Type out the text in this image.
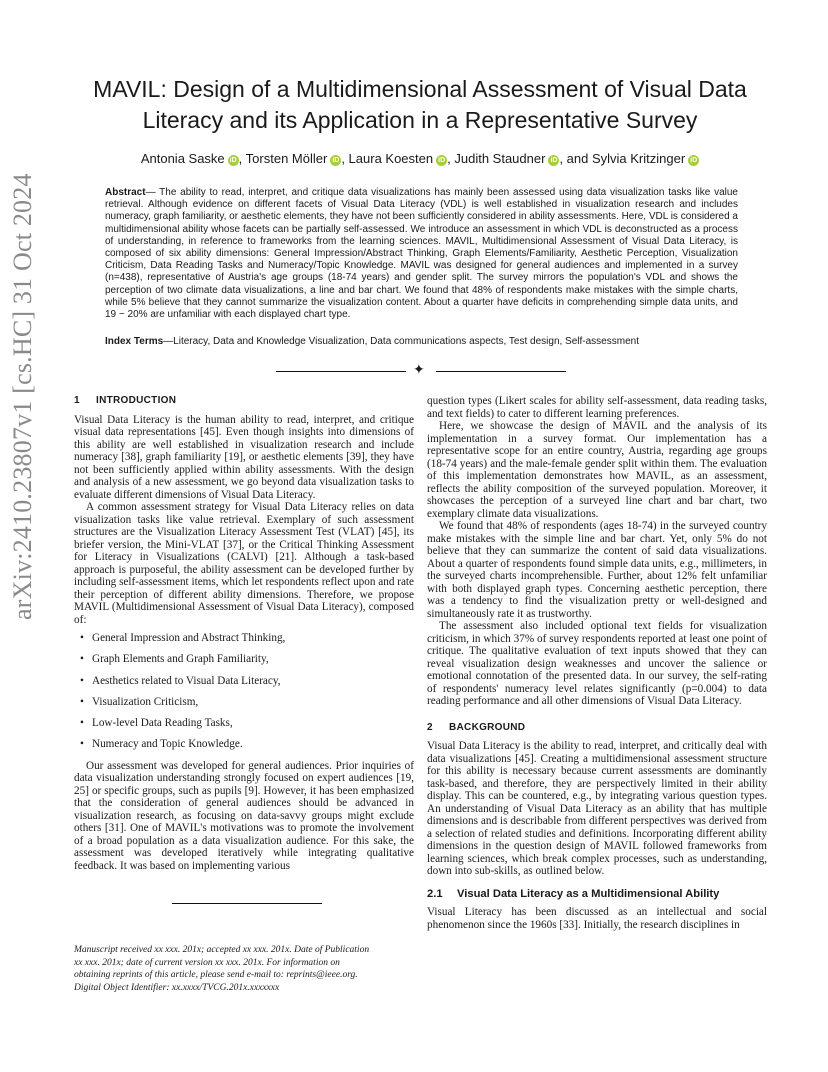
arXiv:2410.23807v1 [cs.HC] 31 Oct 2024
MAVIL: Design of a Multidimensional Assessment of Visual Data
Literacy and its Application in a Representative Survey
Antonia Saske iD , Torsten Möller iD , Laura Koesten iD , Judith Staudner iD , and Sylvia Kritzinger iD
Abstract— The ability to read, interpret, and critique data visualizations has mainly been assessed using data visualization tasks like value retrieval. Although evidence on different facets of Visual Data Literacy (VDL) is well established in visualization research and includes numeracy, graph familiarity, or aesthetic elements, they have not been sufficiently considered in ability assessments. Here, VDL is considered a multidimensional ability whose facets can be partially self-assessed. We introduce an assessment in which VDL is deconstructed as a process of understanding, in reference to frameworks from the learning sciences. MAVIL, Multidimensional Assessment of Visual Data Literacy, is composed of six ability dimensions: General Impression/Abstract Thinking, Graph Elements/Familiarity, Aesthetic Perception, Visualization Criticism, Data Reading Tasks and Numeracy/Topic Knowledge. MAVIL was designed for general audiences and implemented in a survey (n=438), representative of Austria's age groups (18-74 years) and gender split. The survey mirrors the population's VDL and shows the perception of two climate data visualizations, a line and bar chart. We found that 48% of respondents make mistakes with the simple charts, while 5% believe that they cannot summarize the visualization content. About a quarter have deficits in comprehending simple data units, and 19 − 20% are unfamiliar with each displayed chart type.
Index Terms—Literacy, Data and Knowledge Visualization, Data communications aspects, Test design, Self-assessment
✦
1 INTRODUCTION

Visual Data Literacy is the human ability to read, interpret, and critique visual data representations [45]. Even though insights into dimensions of this ability are well established in visualization research and include numeracy [38], graph familiarity [19], or aesthetic elements [39], they have not been sufficiently applied within ability assessments. With the design and analysis of a new assessment, we go beyond data visualization tasks to evaluate different dimensions of Visual Data Literacy.

A common assessment strategy for Visual Data Literacy relies on data visualization tasks like value retrieval. Exemplary of such assessment structures are the Visualization Literacy Assessment Test (VLAT) [45], its briefer version, the Mini-VLAT [37], or the Critical Thinking Assessment for Literacy in Visualizations (CALVI) [21]. Although a task-based approach is purposeful, the ability assessment can be developed further by including self-assessment items, which let respondents reflect upon and rate their perception of different ability dimensions. Therefore, we propose MAVIL (Multidimensional Assessment of Visual Data Literacy), composed of:

• General Impression and Abstract Thinking,
• Graph Elements and Graph Familiarity,
• Aesthetics related to Visual Data Literacy,
• Visualization Criticism,
• Low-level Data Reading Tasks,
• Numeracy and Topic Knowledge.

Our assessment was developed for general audiences. Prior inquiries of data visualization understanding strongly focused on expert audiences [19, 25] or specific groups, such as pupils [9]. However, it has been emphasized that the consideration of general audiences should be advanced in visualization research, as focusing on data-savvy groups might exclude others [31]. One of MAVIL's motivations was to promote the involvement of a broad population as a data visualization audience. For this sake, the assessment was developed iteratively while integrating qualitative feedback. It was based on implementing various

Manuscript received xx xxx. 201x; accepted xx xxx. 201x. Date of Publication
xx xxx. 201x; date of current version xx xxx. 201x. For information on
obtaining reprints of this article, please send e-mail to: reprints@ieee.org.
Digital Object Identifier: xx.xxxx/TVCG.201x.xxxxxxx

question types (Likert scales for ability self-assessment, data reading tasks, and text fields) to cater to different learning preferences.

Here, we showcase the design of MAVIL and the analysis of its implementation in a survey format. Our implementation has a representative scope for an entire country, Austria, regarding age groups (18-74 years) and the male-female gender split within them. The evaluation of this implementation demonstrates how MAVIL, as an assessment, reflects the ability composition of the surveyed population. Moreover, it showcases the perception of a surveyed line chart and bar chart, two exemplary climate data visualizations.

We found that 48% of respondents (ages 18-74) in the surveyed country make mistakes with the simple line and bar chart. Yet, only 5% do not believe that they can summarize the content of said data visualizations. About a quarter of respondents found simple data units, e.g., millimeters, in the surveyed charts incomprehensible. Further, about 12% felt unfamiliar with both displayed graph types. Concerning aesthetic perception, there was a tendency to find the visualization pretty or well-designed and simultaneously rate it as trustworthy.

The assessment also included optional text fields for visualization criticism, in which 37% of survey respondents reported at least one point of critique. The qualitative evaluation of text inputs showed that they can reveal visualization design weaknesses and uncover the salience or emotional connotation of the presented data. In our survey, the self-rating of respondents' numeracy level relates significantly (p=0.004) to data reading performance and all other dimensions of Visual Data Literacy.

2 BACKGROUND

Visual Data Literacy is the ability to read, interpret, and critically deal with data visualizations [45]. Creating a multidimensional assessment structure for this ability is necessary because current assessments are dominantly task-based, and therefore, they are perspectively limited in their ability display. This can be countered, e.g., by integrating various question types. An understanding of Visual Data Literacy as an ability that has multiple dimensions and is describable from different perspectives was derived from a selection of related studies and definitions. Incorporating different ability dimensions in the question design of MAVIL followed frameworks from learning sciences, which break complex processes, such as understanding, down into sub-skills, as outlined below.

2.1 Visual Data Literacy as a Multidimensional Ability

Visual Literacy has been discussed as an intellectual and social phenomenon since the 1960s [33]. Initially, the research disciplines in
